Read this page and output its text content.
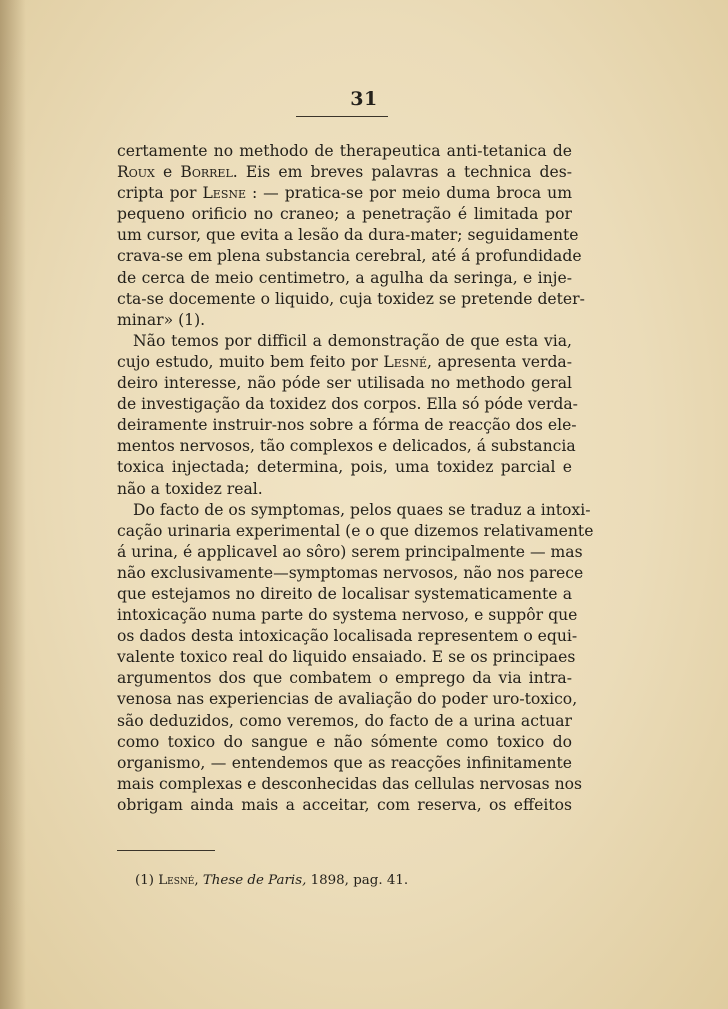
31
certamente no methodo de therapeutica anti-tetanica de
Roux e Borrel. Eis em breves palavras a technica des-
cripta por Lesne : — pratica-se por meio duma broca um
pequeno orificio no craneo; a penetração é limitada por
um cursor, que evita a lesão da dura-mater; seguidamente
crava-se em plena substancia cerebral, até á profundidade
de cerca de meio centimetro, a agulha da seringa, e inje-
cta-se docemente o liquido, cuja toxidez se pretende deter-
minar» (1).
Não temos por difficil a demonstração de que esta via,
cujo estudo, muito bem feito por Lesné, apresenta verda-
deiro interesse, não póde ser utilisada no methodo geral
de investigação da toxidez dos corpos. Ella só póde verda-
deiramente instruir-nos sobre a fórma de reacção dos ele-
mentos nervosos, tão complexos e delicados, á substancia
toxica injectada; determina, pois, uma toxidez parcial e
não a toxidez real.
Do facto de os symptomas, pelos quaes se traduz a intoxi-
cação urinaria experimental (e o que dizemos relativamente
á urina, é applicavel ao sôro) serem principalmente — mas
não exclusivamente—symptomas nervosos, não nos parece
que estejamos no direito de localisar systematicamente a
intoxicação numa parte do systema nervoso, e suppôr que
os dados desta intoxicação localisada representem o equi-
valente toxico real do liquido ensaiado. E se os principaes
argumentos dos que combatem o emprego da via intra-
venosa nas experiencias de avaliação do poder uro-toxico,
são deduzidos, como veremos, do facto de a urina actuar
como toxico do sangue e não sómente como toxico do
organismo, — entendemos que as reacções infinitamente
mais complexas e desconhecidas das cellulas nervosas nos
obrigam ainda mais a acceitar, com reserva, os effeitos
(1) Lesné, These de Paris, 1898, pag. 41.
